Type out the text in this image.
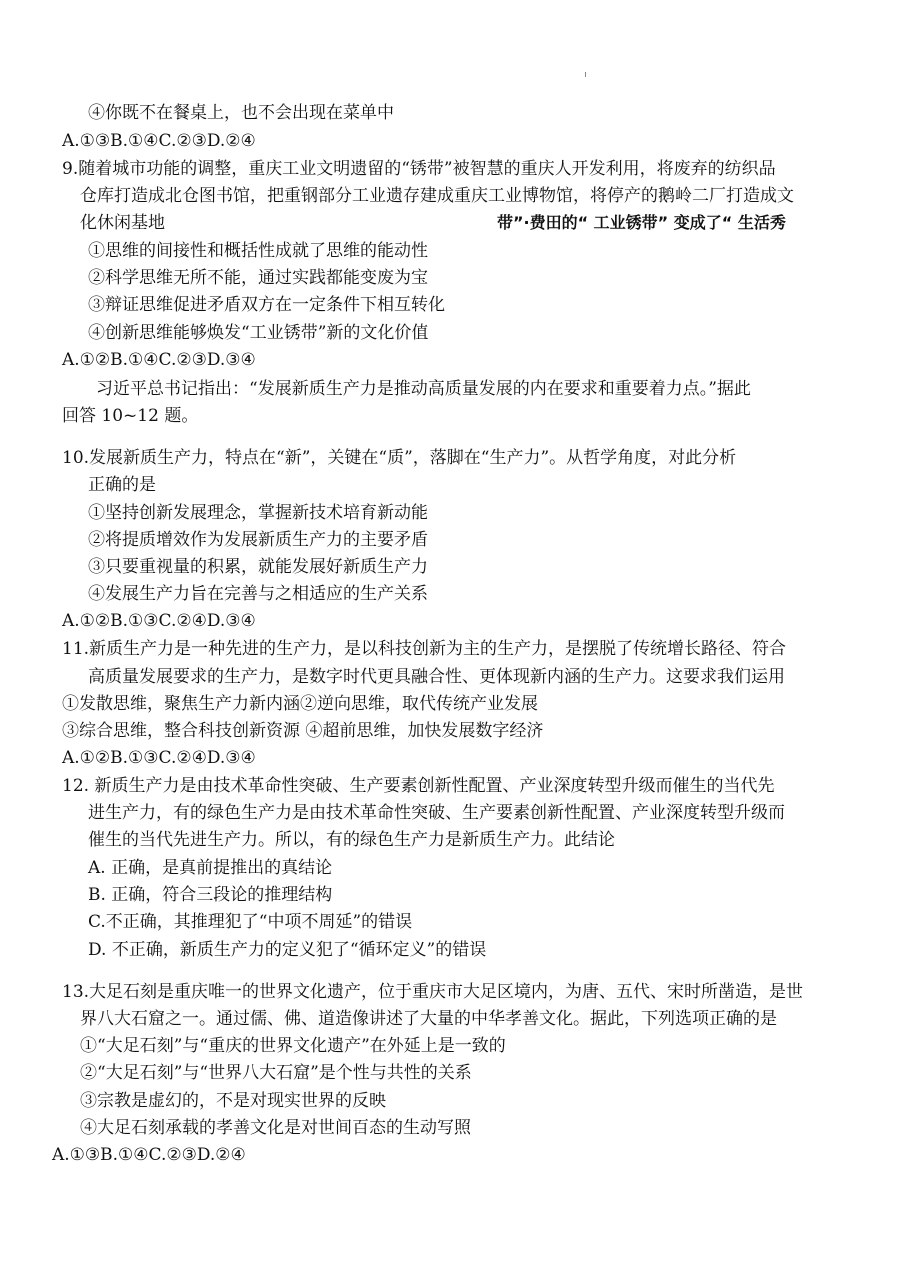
④你既不在餐桌上，也不会出现在菜单中
A.①③B.①④C.②③D.②④
9.随着城市功能的调整，重庆工业文明遗留的“锈带”被智慧的重庆人开发利用，将废弃的纺织品
仓库打造成北仓图书馆，把重钢部分工业遗存建成重庆工业博物馆，将停产的鹅岭二厂打造成文
化休闲基地	带”·费田的“ 工业锈带” 变成了“ 生活秀
①思维的间接性和概括性成就了思维的能动性
②科学思维无所不能，通过实践都能变废为宝
③辩证思维促进矛盾双方在一定条件下相互转化
④创新思维能够焕发“工业锈带”新的文化价值
A.①②B.①④C.②③D.③④
习近平总书记指出：“发展新质生产力是推动高质量发展的内在要求和重要着力点。”据此
回答 10~12 题。
10.发展新质生产力，特点在“新”，关键在“质”，落脚在“生产力”。从哲学角度，对此分析
正确的是
①坚持创新发展理念，掌握新技术培育新动能
②将提质增效作为发展新质生产力的主要矛盾
③只要重视量的积累，就能发展好新质生产力
④发展生产力旨在完善与之相适应的生产关系
A.①②B.①③C.②④D.③④
11.新质生产力是一种先进的生产力，是以科技创新为主的生产力，是摆脱了传统增长路径、符合
高质量发展要求的生产力，是数字时代更具融合性、更体现新内涵的生产力。这要求我们运用
①发散思维，聚焦生产力新内涵②逆向思维，取代传统产业发展
③综合思维，整合科技创新资源 ④超前思维，加快发展数字经济
A.①②B.①③C.②④D.③④
12. 新质生产力是由技术革命性突破、生产要素创新性配置、产业深度转型升级而催生的当代先
进生产力，有的绿色生产力是由技术革命性突破、生产要素创新性配置、产业深度转型升级而
催生的当代先进生产力。所以，有的绿色生产力是新质生产力。此结论
A. 正确，是真前提推出的真结论
B. 正确，符合三段论的推理结构
C.不正确，其推理犯了“中项不周延”的错误
D. 不正确，新质生产力的定义犯了“循环定义”的错误
13.大足石刻是重庆唯一的世界文化遗产，位于重庆市大足区境内，为唐、五代、宋时所凿造，是世
界八大石窟之一。通过儒、佛、道造像讲述了大量的中华孝善文化。据此，下列选项正确的是
①“大足石刻”与“重庆的世界文化遗产”在外延上是一致的
②“大足石刻”与“世界八大石窟”是个性与共性的关系
③宗教是虚幻的，不是对现实世界的反映
④大足石刻承载的孝善文化是对世间百态的生动写照
A.①③B.①④C.②③D.②④
